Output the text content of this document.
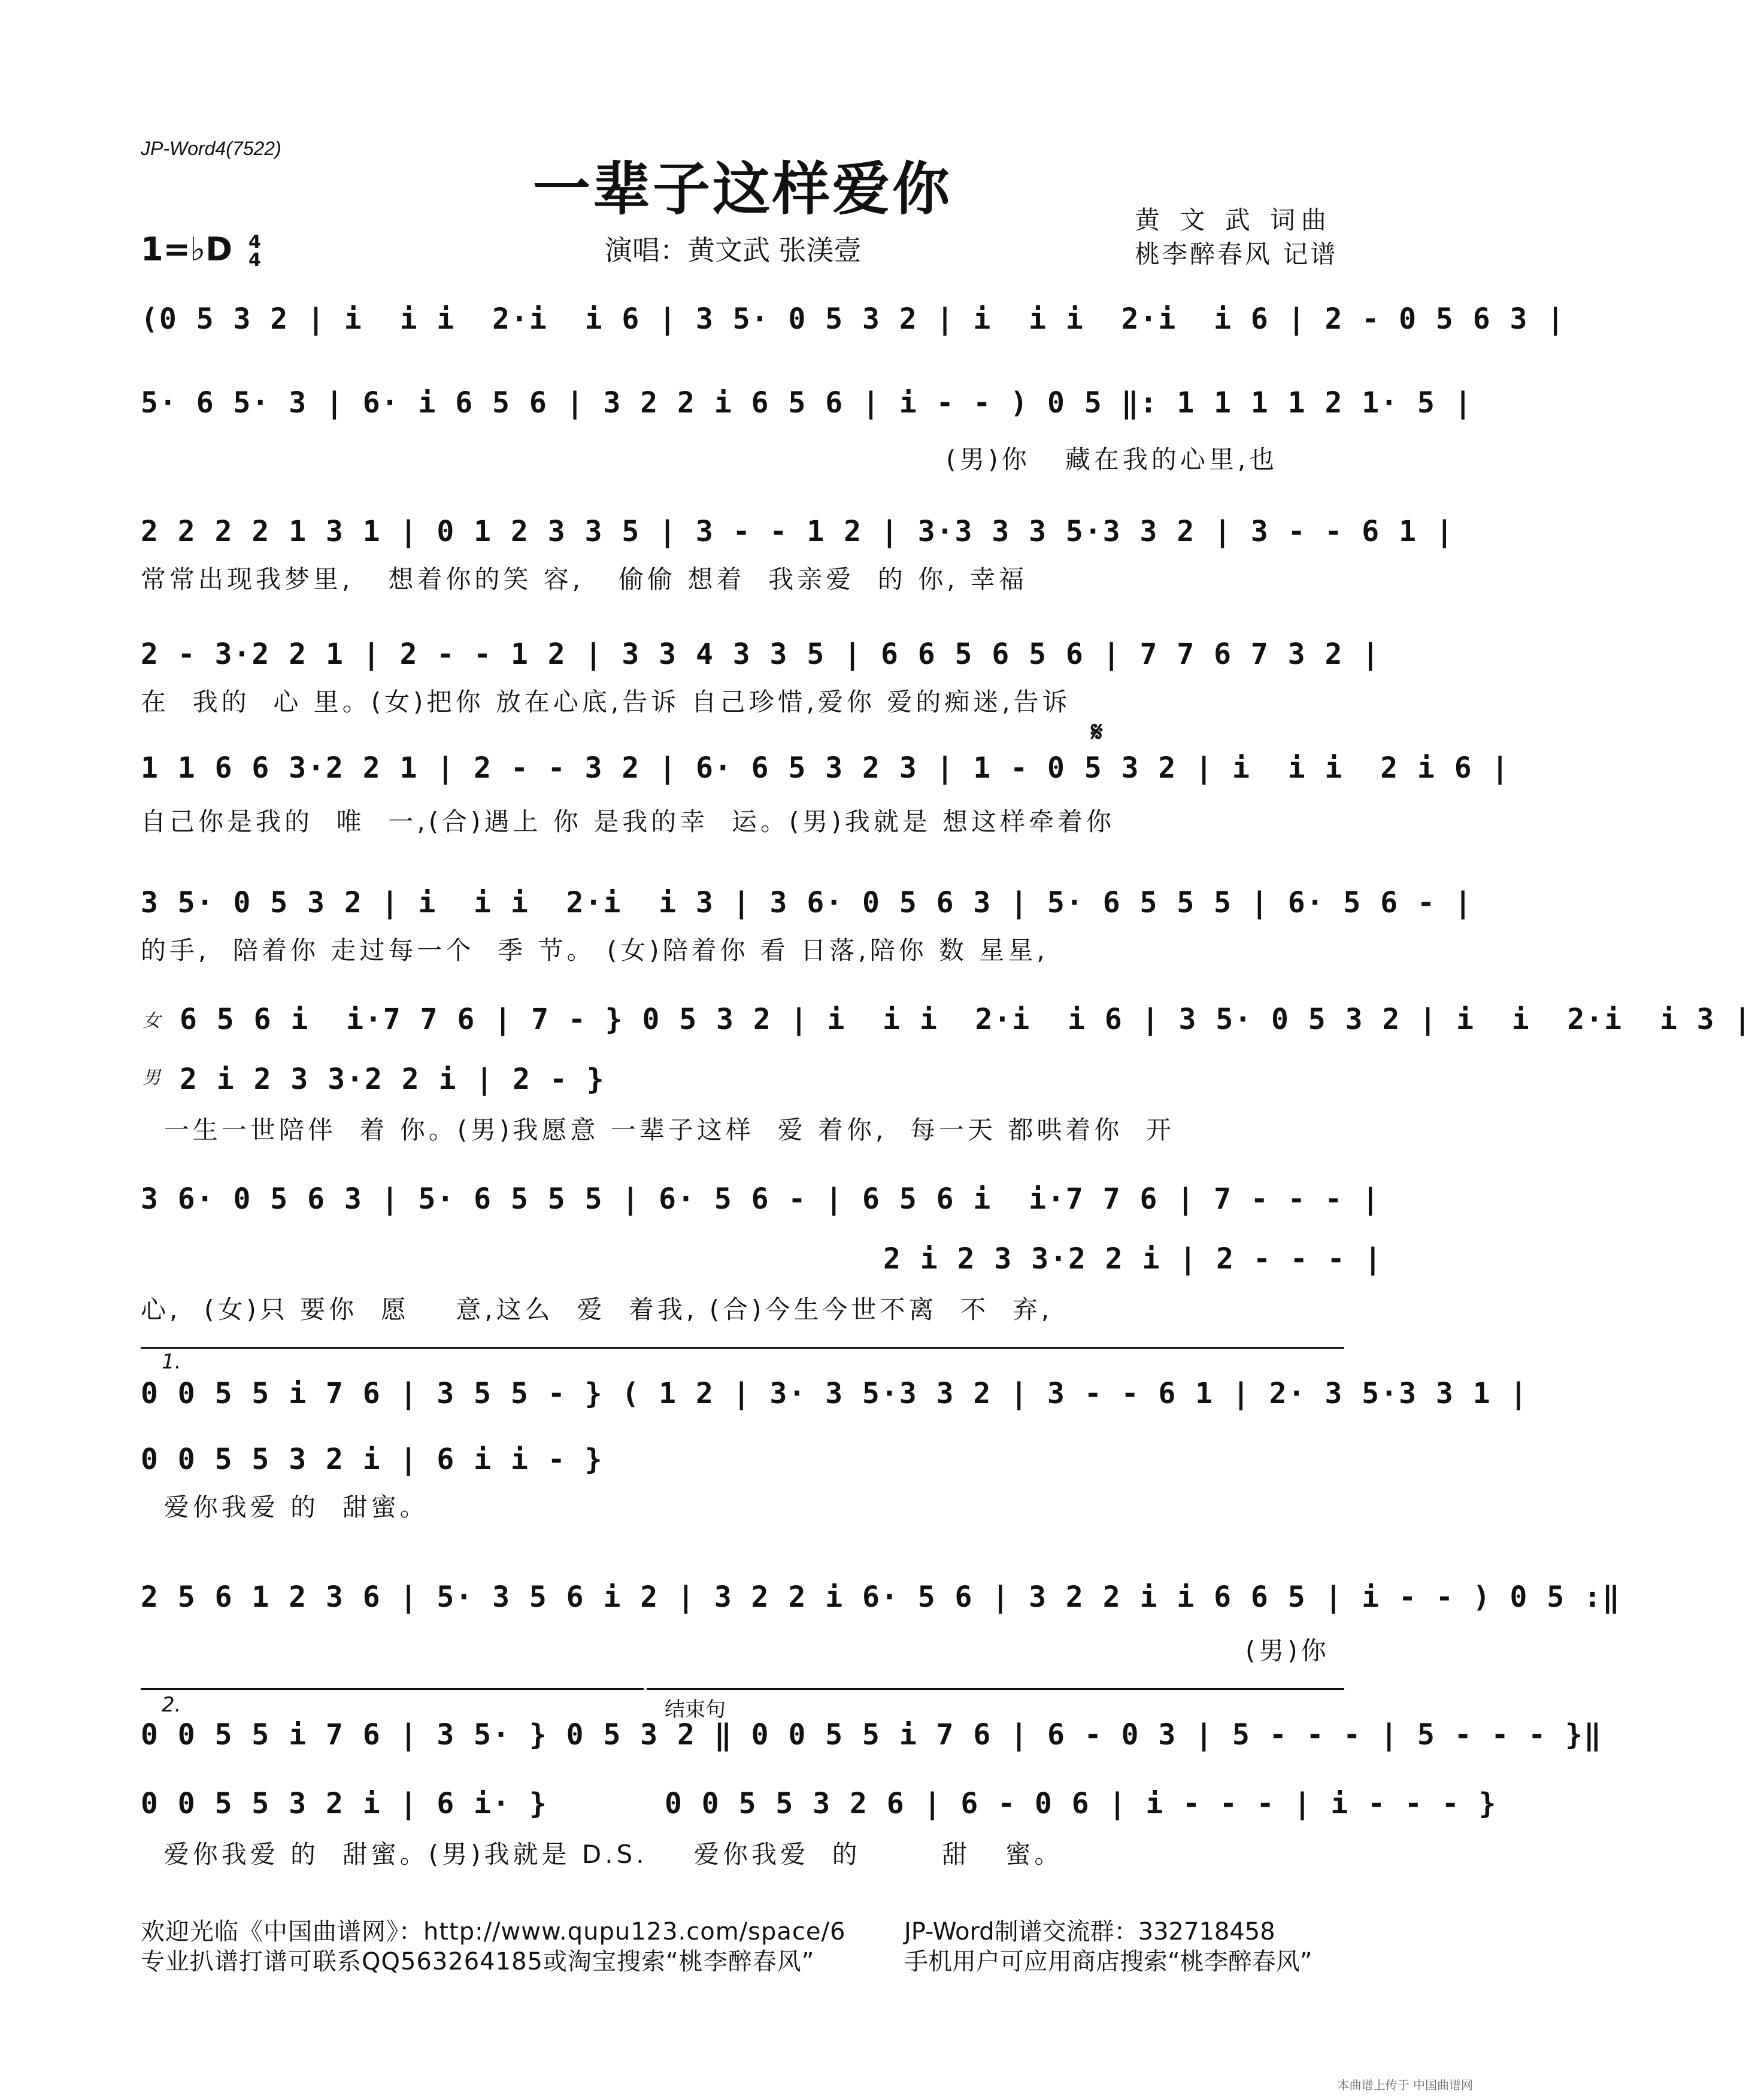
JP-Word4(7522)
一辈子这样爱你	黄 文 武 词曲
桃李醉春风 记谱
1=♭D 4
4	演唱：黄文武 张渼壹
(0 5 3 2 | i  i i  2·i  i 6 | 3 5· 0 5 3 2 | i  i i  2·i  i 6 | 2 - 0 5 6 3 |
5· 6 5· 3 | 6· i 6 5 6 | 3 2 2 i 6 5 6 | i - - ) 0 5 ‖: 1 1 1 1 2 1· 5 |
(男)你   藏在我的心里,也
2 2 2 2 1 3 1 | 0 1 2 3 3 5 | 3 - - 1 2 | 3·3 3 3 5·3 3 2 | 3 - - 6 1 |
常常出现我梦里,   想着你的笑 容,   偷偷 想着  我亲爱  的 你, 幸福
2 - 3·2 2 1 | 2 - - 1 2 | 3 3 4 3 3 5 | 6 6 5 6 5 6 | 7 7 6 7 3 2 |
在  我的  心 里。(女)把你 放在心底,告诉 自己珍惜,爱你 爱的痴迷,告诉
𝄋
1 1 6 6 3·2 2 1 | 2 - - 3 2 | 6· 6 5 3 2 3 | 1 - 0 5 3 2 | i  i i  2 i 6 |
自己你是我的  唯  一,(合)遇上 你 是我的幸  运。(男)我就是 想这样牵着你
3 5· 0 5 3 2 | i  i i  2·i  i 3 | 3 6· 0 5 6 3 | 5· 6 5 5 5 | 6· 5 6 - |
的手,  陪着你 走过每一个  季 节。 (女)陪着你 看 日落,陪你 数 星星,
女
男
6 5 6 i  i·7 7 6 | 7 - } 0 5 3 2 | i  i i  2·i  i 6 | 3 5· 0 5 3 2 | i  i  2·i  i 3 |
2 i 2 3 3·2 2 i | 2 - }
一生一世陪伴  着 你。(男)我愿意 一辈子这样  爱 着你,  每一天 都哄着你  开
3 6· 0 5 6 3 | 5· 6 5 5 5 | 6· 5 6 - | 6 5 6 i  i·7 7 6 | 7 - - - |
2 i 2 3 3·2 2 i | 2 - - - |
心,  (女)只 要你  愿    意,这么  爱  着我, (合)今生今世不离  不  弃,
1.
0 0 5 5 i 7 6 | 3 5 5 - } ( 1 2 | 3· 3 5·3 3 2 | 3 - - 6 1 | 2· 3 5·3 3 1 |
0 0 5 5 3 2 i | 6 i i - }
爱你我爱 的  甜蜜。
2 5 6 1 2 3 6 | 5· 3 5 6 i 2 | 3 2 2 i 6· 5 6 | 3 2 2 i i 6 6 5 | i - - ) 0 5 :‖
(男)你
2.	结束句
0 0 5 5 i 7 6 | 3 5· } 0 5 3 2 ‖ 0 0 5 5 i 7 6 | 6 - 0 3 | 5 - - - | 5 - - - }‖
0 0 5 5 3 2 i | 6 i· }	0 0 5 5 3 2 6 | 6 - 0 6 | i - - - | i - - - }
爱你我爱 的  甜蜜。(男)我就是 D.S.    爱你我爱  的       甜   蜜。
欢迎光临《中国曲谱网》：http://www.qupu123.com/space/6
专业扒谱打谱可联系QQ563264185或淘宝搜索“桃李醉春风”
JP-Word制谱交流群：332718458
手机用户可应用商店搜索“桃李醉春风”
本曲谱上传于 中国曲谱网
